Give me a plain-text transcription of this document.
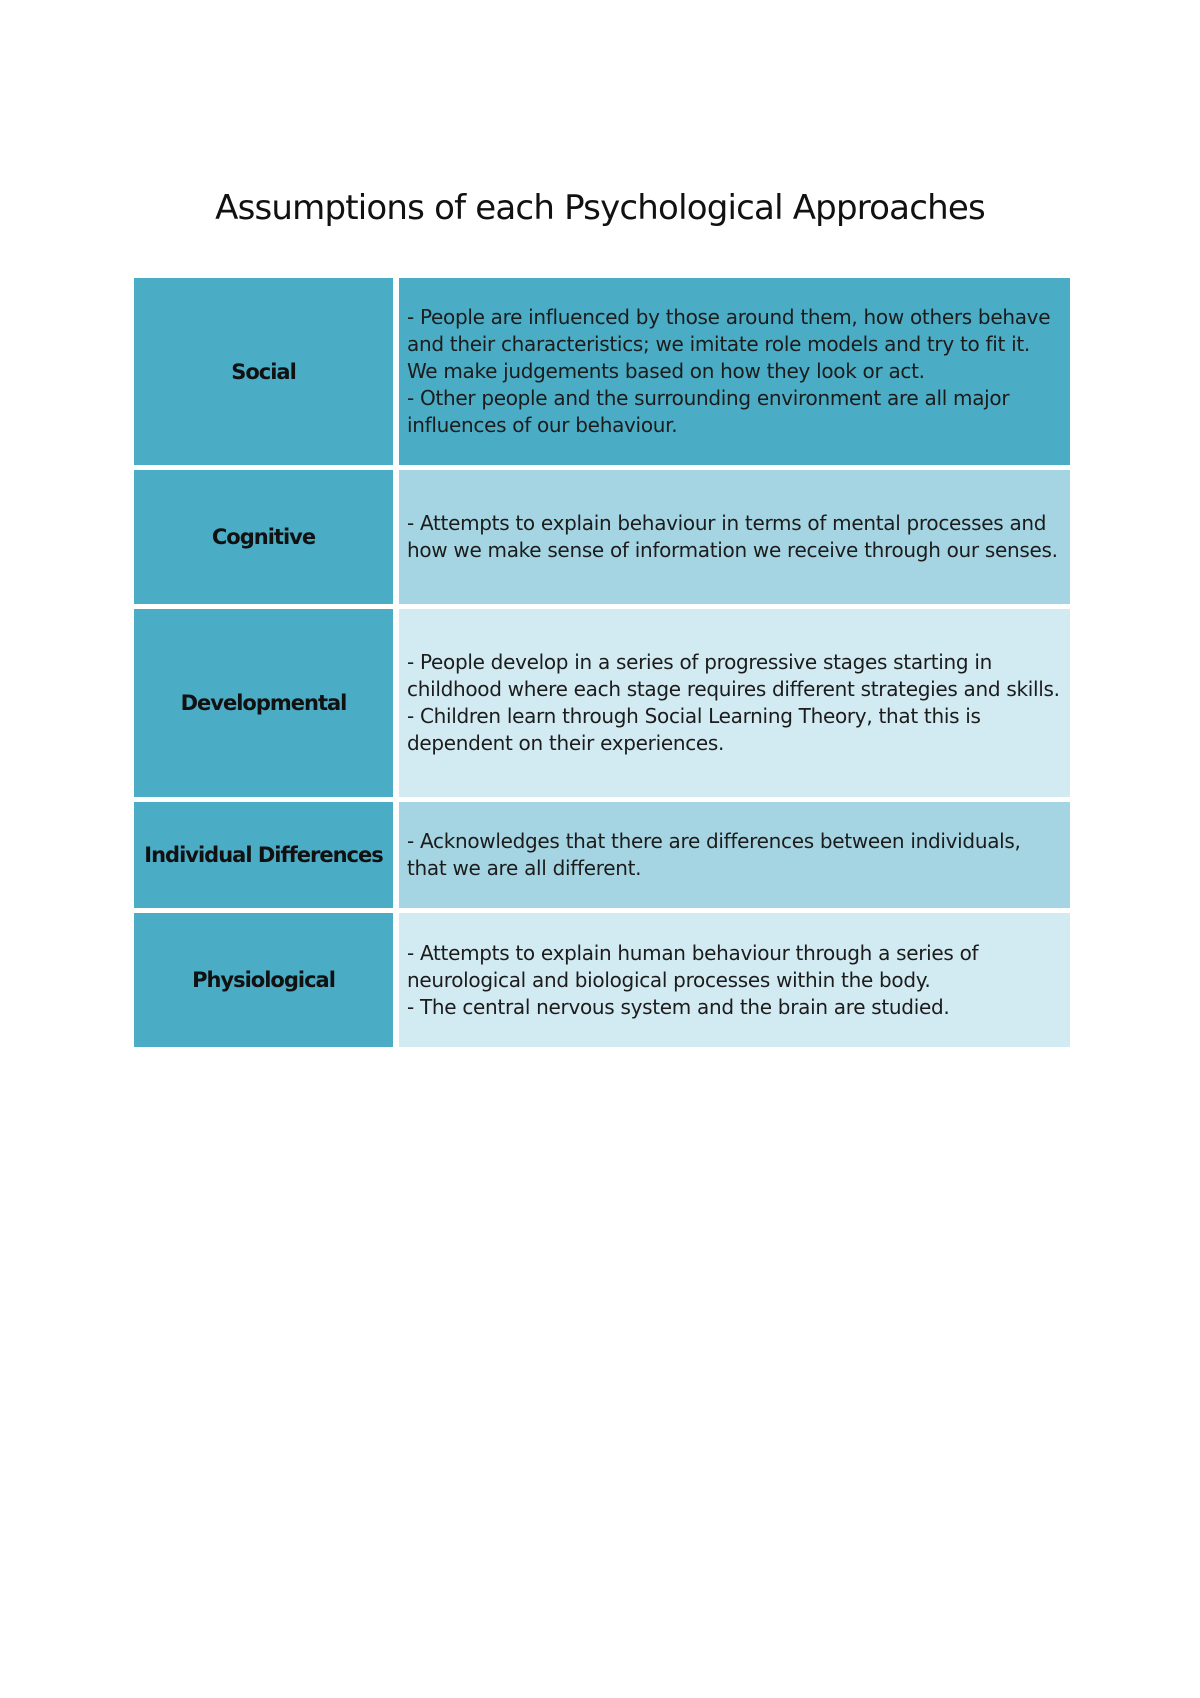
Assumptions of each Psychological Approaches
Social
- People are influenced by those around them, how others behave and their characteristics; we imitate role models and try to fit it. We make judgements based on how they look or act.
- Other people and the surrounding environment are all major influences of our behaviour.
Cognitive
- Attempts to explain behaviour in terms of mental processes and how we make sense of information we receive through our senses.
Developmental
- People develop in a series of progressive stages starting in childhood where each stage requires different strategies and skills.
- Children learn through Social Learning Theory, that this is dependent on their experiences.
Individual Differences
- Acknowledges that there are differences between individuals, that we are all different.
Physiological
- Attempts to explain human behaviour through a series of neurological and biological processes within the body.
- The central nervous system and the brain are studied.
